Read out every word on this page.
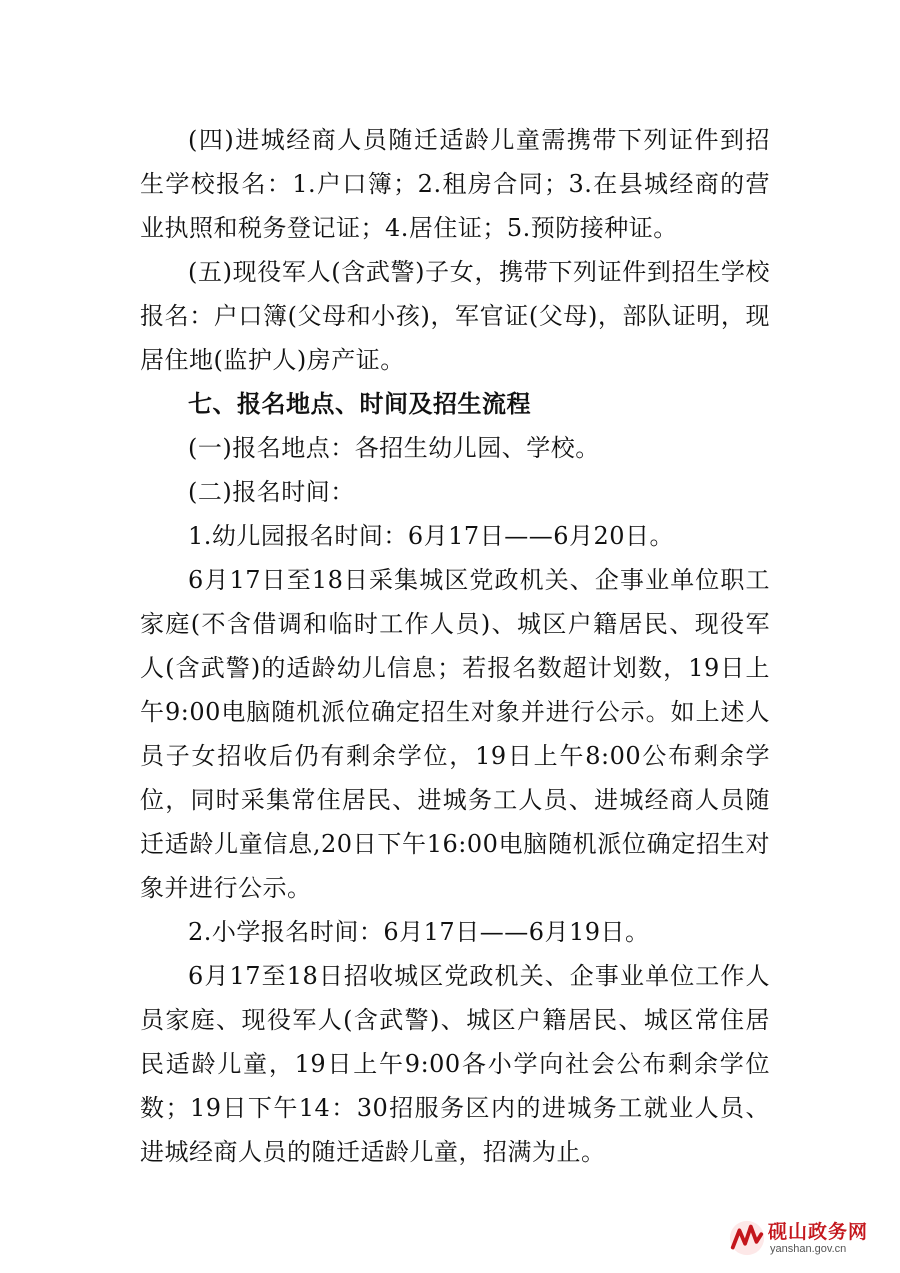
(四)进城经商人员随迁适龄儿童需携带下列证件到招生学校报名：1.户口簿；2.租房合同；3.在县城经商的营业执照和税务登记证；4.居住证；5.预防接种证。

(五)现役军人(含武警)子女，携带下列证件到招生学校报名：户口簿(父母和小孩)，军官证(父母)，部队证明，现居住地(监护人)房产证。

七、报名地点、时间及招生流程

(一)报名地点：各招生幼儿园、学校。

(二)报名时间：

1.幼儿园报名时间：6月17日——6月20日。

6月17日至18日采集城区党政机关、企事业单位职工家庭(不含借调和临时工作人员)、城区户籍居民、现役军人(含武警)的适龄幼儿信息；若报名数超计划数，19日上午9:00电脑随机派位确定招生对象并进行公示。如上述人员子女招收后仍有剩余学位，19日上午8:00公布剩余学位，同时采集常住居民、进城务工人员、进城经商人员随迁适龄儿童信息,20日下午16:00电脑随机派位确定招生对象并进行公示。

2.小学报名时间：6月17日——6月19日。

6月17至18日招收城区党政机关、企事业单位工作人员家庭、现役军人(含武警)、城区户籍居民、城区常住居民适龄儿童，19日上午9:00各小学向社会公布剩余学位数；19日下午14：30招服务区内的进城务工就业人员、进城经商人员的随迁适龄儿童，招满为止。

砚山政务网
yanshan.gov.cn
